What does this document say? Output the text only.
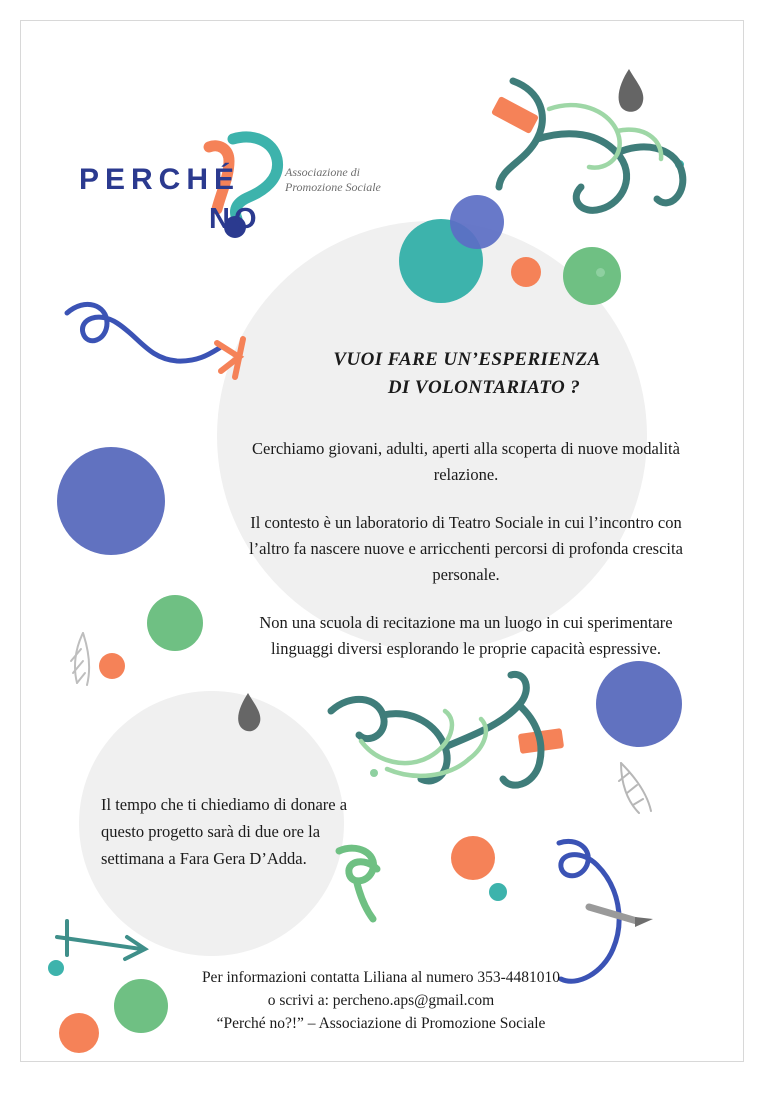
PERCHÉ
NO
Associazione di Promozione Sociale
VUOI FARE UN’ESPERIENZA
DI VOLONTARIATO ?

Cerchiamo giovani, adulti, aperti alla scoperta di nuove modalità relazione.

Il contesto è un laboratorio di Teatro Sociale in cui l’incontro con l’altro fa nascere nuove e arricchenti percorsi di profonda crescita personale.

Non una scuola di recitazione ma un luogo in cui sperimentare linguaggi diversi esplorando le proprie capacità espressive.

Il tempo che ti chiediamo di donare a questo progetto sarà di due ore la settimana a Fara Gera D’Adda.
Per informazioni contatta Liliana al numero 353-4481010
o scrivi a: percheno.aps@gmail.com
“Perché no?!” – Associazione di Promozione Sociale
